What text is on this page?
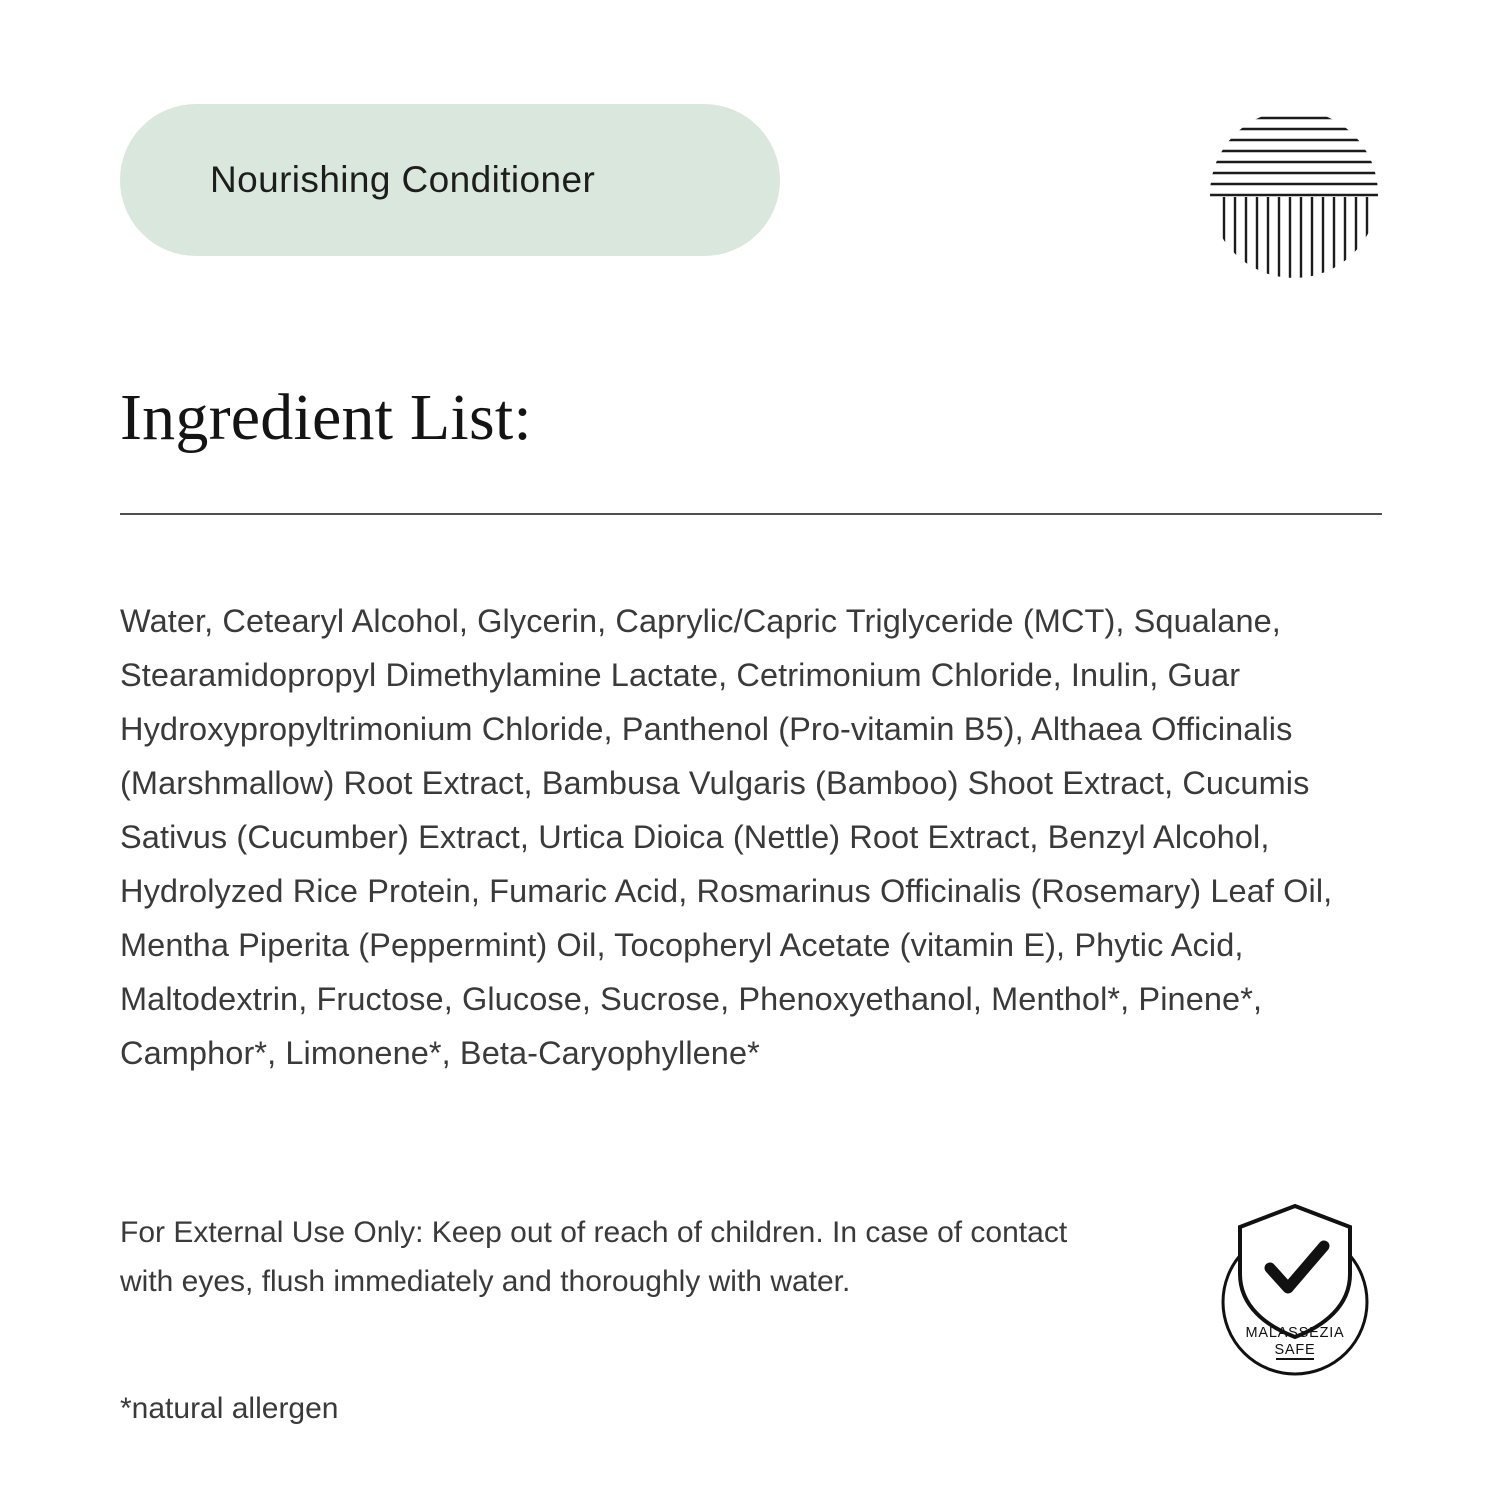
Nourishing Conditioner
Ingredient List:
Water, Cetearyl Alcohol, Glycerin, Caprylic/Capric Triglyceride (MCT), Squalane, Stearamidopropyl Dimethylamine Lactate, Cetrimonium Chloride, Inulin, Guar Hydroxypropyltrimonium Chloride, Panthenol (Pro-vitamin B5), Althaea Officinalis (Marshmallow) Root Extract, Bambusa Vulgaris (Bamboo) Shoot Extract, Cucumis Sativus (Cucumber) Extract, Urtica Dioica (Nettle) Root Extract, Benzyl Alcohol, Hydrolyzed Rice Protein, Fumaric Acid, Rosmarinus Officinalis (Rosemary) Leaf Oil, Mentha Piperita (Peppermint) Oil, Tocopheryl Acetate (vitamin E), Phytic Acid, Maltodextrin, Fructose, Glucose, Sucrose, Phenoxyethanol, Menthol*, Pinene*, Camphor*, Limonene*, Beta-Caryophyllene*
For External Use Only: Keep out of reach of children. In case of contact with eyes, flush immediately and thoroughly with water.
*natural allergen
MALASSEZIA
SAFE
